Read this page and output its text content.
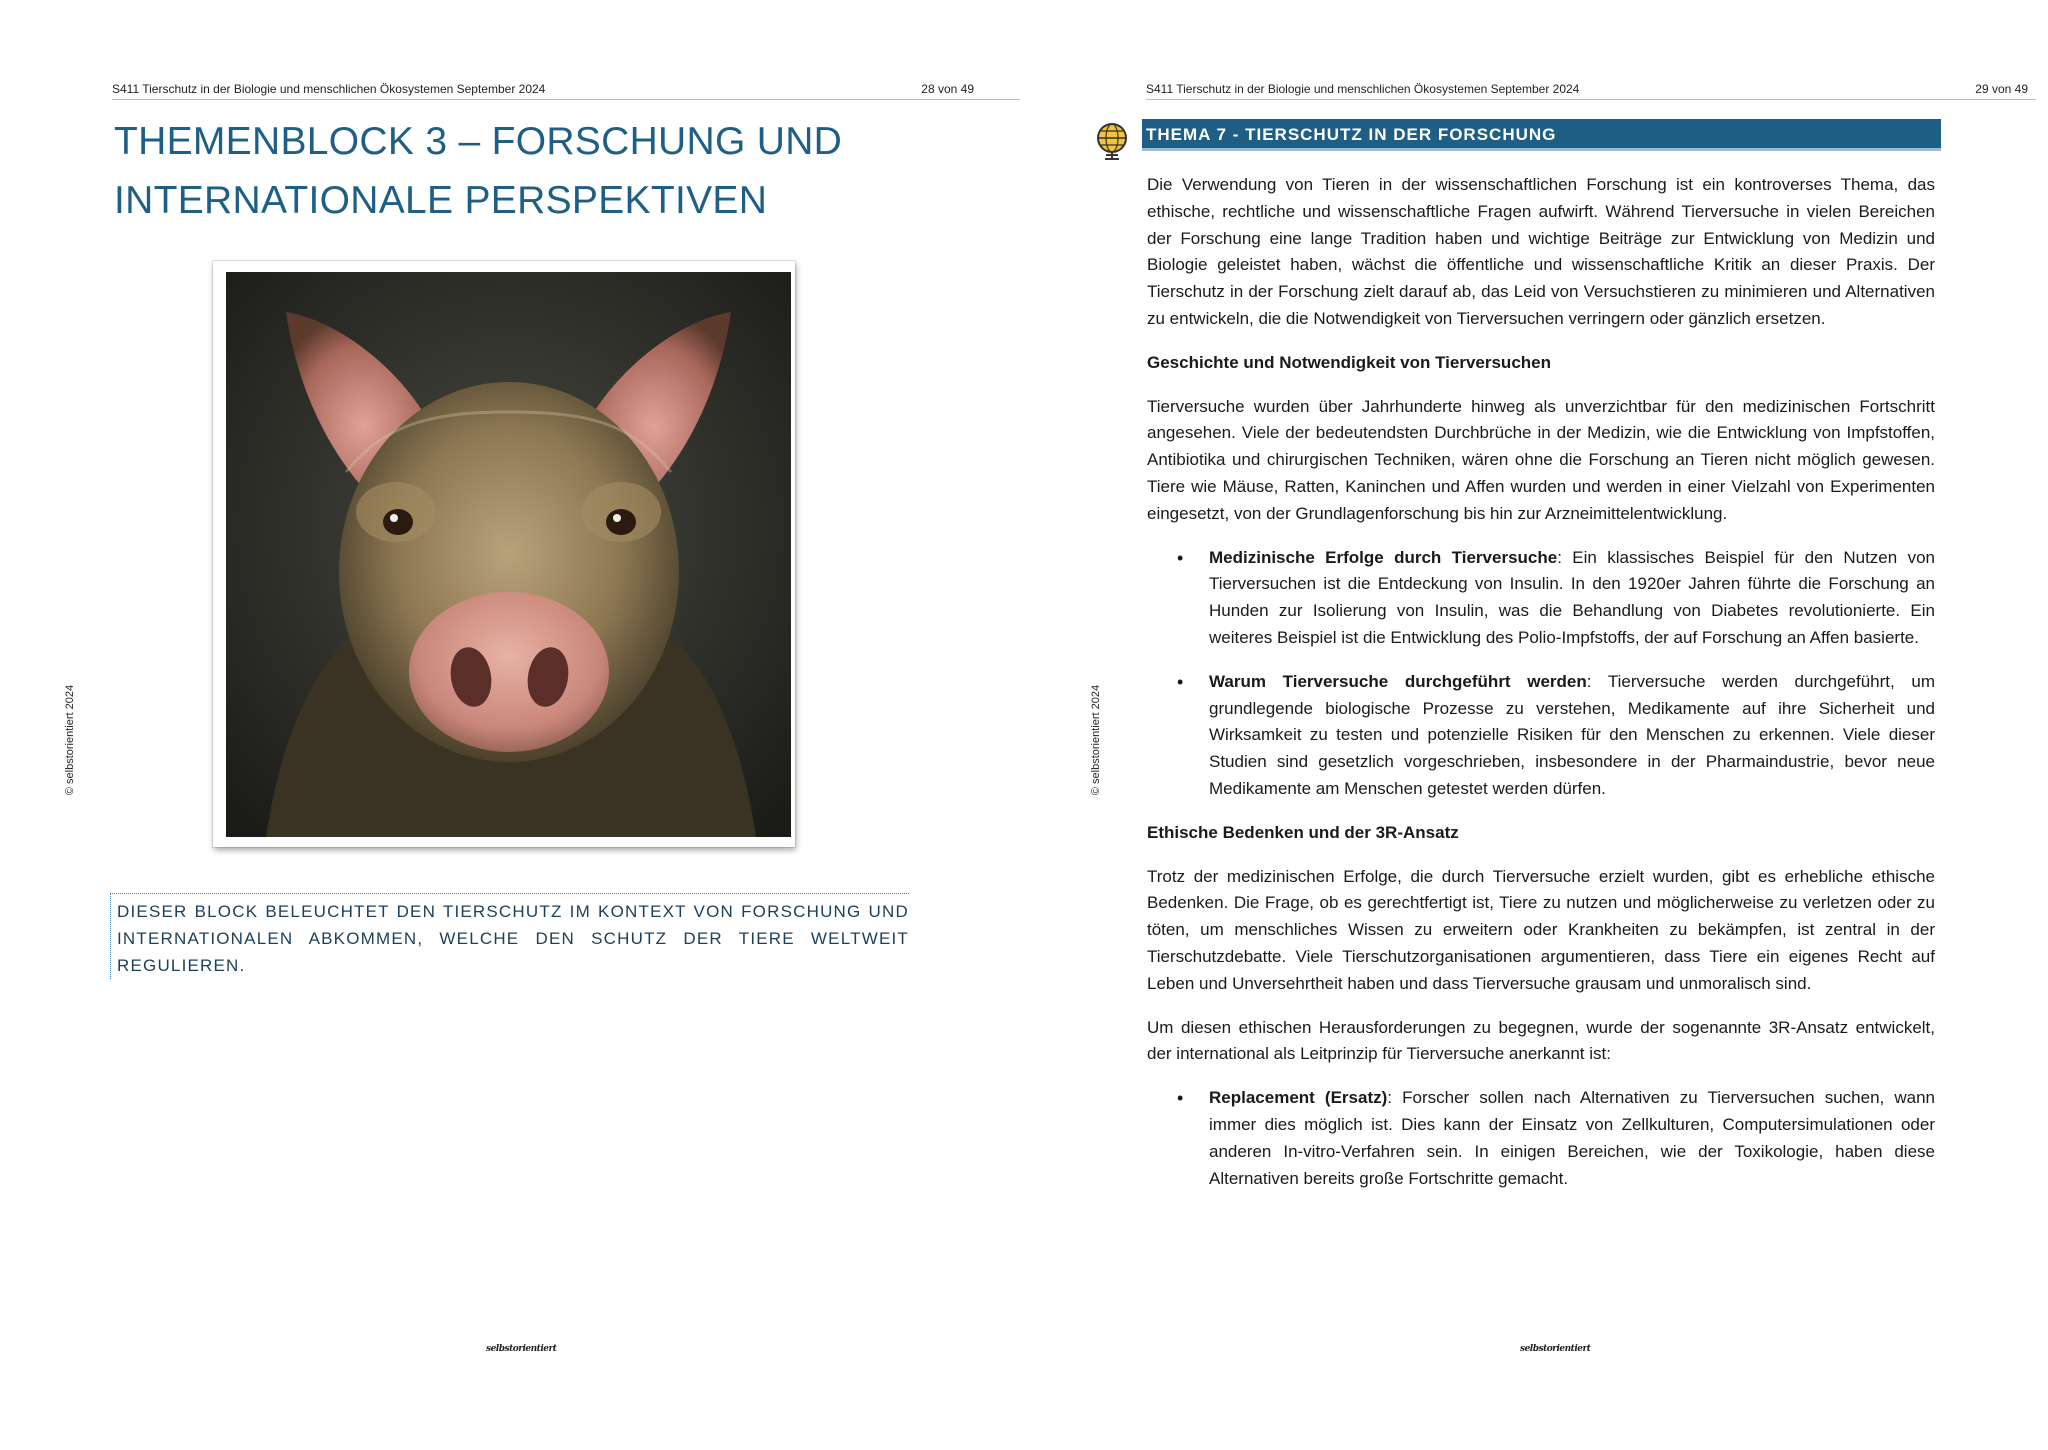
S411 Tierschutz in der Biologie und menschlichen Ökosystemen September 2024	28 von 49
THEMENBLOCK 3 – FORSCHUNG UND INTERNATIONALE PERSPEKTIVEN
DIESER BLOCK BELEUCHTET DEN TIERSCHUTZ IM KONTEXT VON FORSCHUNG UND INTERNATIONALEN ABKOMMEN, WELCHE DEN SCHUTZ DER TIERE WELTWEIT REGULIEREN.
© selbstorientiert 2024
selbstorientiert
S411 Tierschutz in der Biologie und menschlichen Ökosystemen September 2024	29 von 49
THEMA 7 - TIERSCHUTZ IN DER FORSCHUNG

Die Verwendung von Tieren in der wissenschaftlichen Forschung ist ein kontroverses Thema, das ethische, rechtliche und wissenschaftliche Fragen aufwirft. Während Tierversuche in vielen Bereichen der Forschung eine lange Tradition haben und wichtige Beiträge zur Entwicklung von Medizin und Biologie geleistet haben, wächst die öffentliche und wissenschaftliche Kritik an dieser Praxis. Der Tierschutz in der Forschung zielt darauf ab, das Leid von Versuchstieren zu minimieren und Alternativen zu entwickeln, die die Notwendigkeit von Tierversuchen verringern oder gänzlich ersetzen.

Geschichte und Notwendigkeit von Tierversuchen

Tierversuche wurden über Jahrhunderte hinweg als unverzichtbar für den medizinischen Fortschritt angesehen. Viele der bedeutendsten Durchbrüche in der Medizin, wie die Entwicklung von Impfstoffen, Antibiotika und chirurgischen Techniken, wären ohne die Forschung an Tieren nicht möglich gewesen. Tiere wie Mäuse, Ratten, Kaninchen und Affen wurden und werden in einer Vielzahl von Experimenten eingesetzt, von der Grundlagenforschung bis hin zur Arzneimittelentwicklung.

• Medizinische Erfolge durch Tierversuche: Ein klassisches Beispiel für den Nutzen von Tierversuchen ist die Entdeckung von Insulin. In den 1920er Jahren führte die Forschung an Hunden zur Isolierung von Insulin, was die Behandlung von Diabetes revolutionierte. Ein weiteres Beispiel ist die Entwicklung des Polio-Impfstoffs, der auf Forschung an Affen basierte.
• Warum Tierversuche durchgeführt werden: Tierversuche werden durchgeführt, um grundlegende biologische Prozesse zu verstehen, Medikamente auf ihre Sicherheit und Wirksamkeit zu testen und potenzielle Risiken für den Menschen zu erkennen. Viele dieser Studien sind gesetzlich vorgeschrieben, insbesondere in der Pharmaindustrie, bevor neue Medikamente am Menschen getestet werden dürfen.
Ethische Bedenken und der 3R-Ansatz

Trotz der medizinischen Erfolge, die durch Tierversuche erzielt wurden, gibt es erhebliche ethische Bedenken. Die Frage, ob es gerechtfertigt ist, Tiere zu nutzen und möglicherweise zu verletzen oder zu töten, um menschliches Wissen zu erweitern oder Krankheiten zu bekämpfen, ist zentral in der Tierschutzdebatte. Viele Tierschutzorganisationen argumentieren, dass Tiere ein eigenes Recht auf Leben und Unversehrtheit haben und dass Tierversuche grausam und unmoralisch sind.

Um diesen ethischen Herausforderungen zu begegnen, wurde der sogenannte 3R-Ansatz entwickelt, der international als Leitprinzip für Tierversuche anerkannt ist:

• Replacement (Ersatz): Forscher sollen nach Alternativen zu Tierversuchen suchen, wann immer dies möglich ist. Dies kann der Einsatz von Zellkulturen, Computersimulationen oder anderen In-vitro-Verfahren sein. In einigen Bereichen, wie der Toxikologie, haben diese Alternativen bereits große Fortschritte gemacht.
© selbstorientiert 2024
selbstorientiert
